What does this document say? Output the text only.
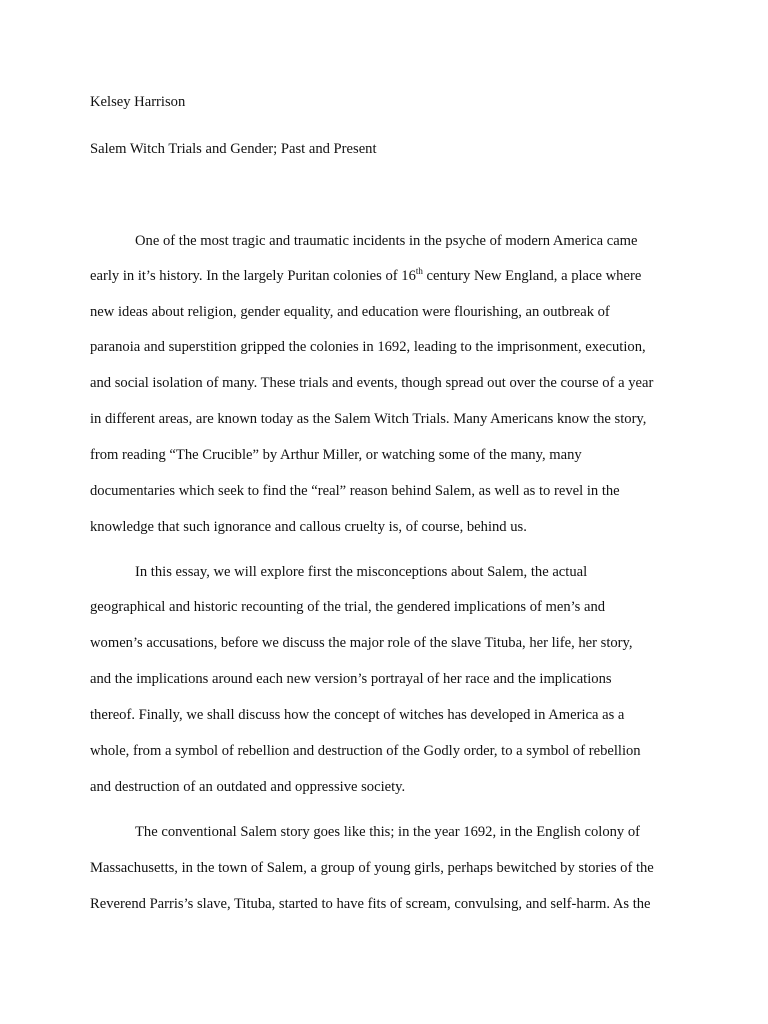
Kelsey Harrison
Salem Witch Trials and Gender; Past and Present
One of the most tragic and traumatic incidents in the psyche of modern America came
early in it’s history. In the largely Puritan colonies of 16th century New England, a place where
new ideas about religion, gender equality, and education were flourishing, an outbreak of
paranoia and superstition gripped the colonies in 1692, leading to the imprisonment, execution,
and social isolation of many. These trials and events, though spread out over the course of a year
in different areas, are known today as the Salem Witch Trials. Many Americans know the story,
from reading “The Crucible” by Arthur Miller, or watching some of the many, many
documentaries which seek to find the “real” reason behind Salem, as well as to revel in the
knowledge that such ignorance and callous cruelty is, of course, behind us.
In this essay, we will explore first the misconceptions about Salem, the actual
geographical and historic recounting of the trial, the gendered implications of men’s and
women’s accusations, before we discuss the major role of the slave Tituba, her life, her story,
and the implications around each new version’s portrayal of her race and the implications
thereof. Finally, we shall discuss how the concept of witches has developed in America as a
whole, from a symbol of rebellion and destruction of the Godly order, to a symbol of rebellion
and destruction of an outdated and oppressive society.
The conventional Salem story goes like this; in the year 1692, in the English colony of
Massachusetts, in the town of Salem, a group of young girls, perhaps bewitched by stories of the
Reverend Parris’s slave, Tituba, started to have fits of scream, convulsing, and self-harm. As the
